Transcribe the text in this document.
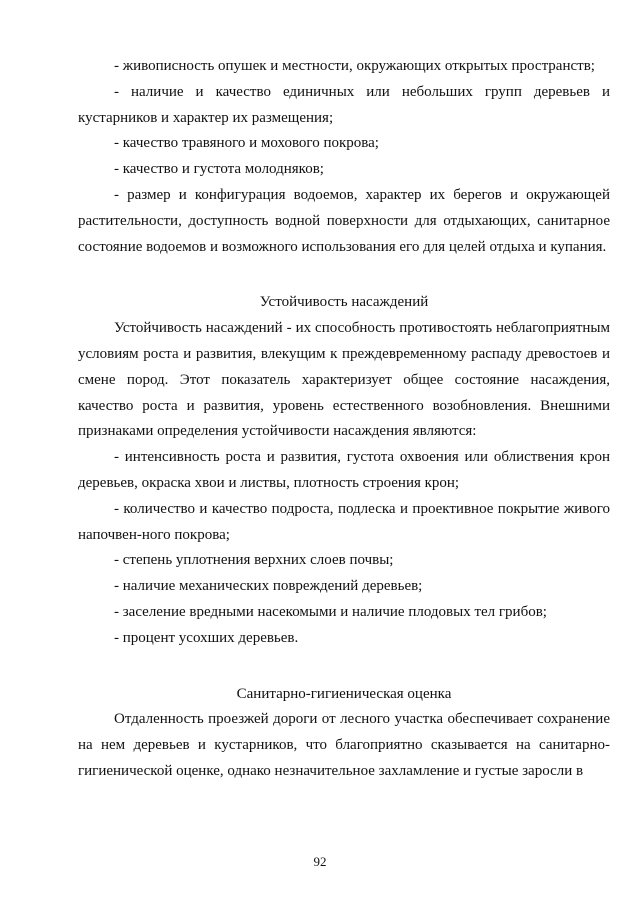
- живописность опушек и местности, окружающих открытых пространств;

- наличие и качество единичных или небольших групп деревьев и кустарников и характер их размещения;

- качество травяного и мохового покрова;

- качество и густота молодняков;

- размер и конфигурация водоемов, характер их берегов и окружающей растительности, доступность водной поверхности для отдыхающих, санитарное состояние водоемов и возможного использования его для целей отдыха и купания.

Устойчивость насаждений

Устойчивость насаждений - их способность противостоять неблагоприятным условиям роста и развития, влекущим к преждевременному распаду древостоев и смене пород. Этот показатель характеризует общее состояние насаждения, качество роста и развития, уровень естественного возобновления. Внешними признаками определения устойчивости насаждения являются:

- интенсивность роста и развития, густота охвоения или облиствения крон деревьев, окраска хвои и листвы, плотность строения крон;

- количество и качество подроста, подлеска и проективное покрытие живого напочвен-ного покрова;

- степень уплотнения верхних слоев почвы;

- наличие механических повреждений деревьев;

- заселение вредными насекомыми и наличие плодовых тел грибов;

- процент усохших деревьев.

Санитарно-гигиеническая оценка

Отдаленность проезжей дороги от лесного участка обеспечивает сохранение на нем деревьев и кустарников, что благоприятно сказывается на санитарно-гигиенической оценке, однако незначительное захламление и густые заросли в

92
